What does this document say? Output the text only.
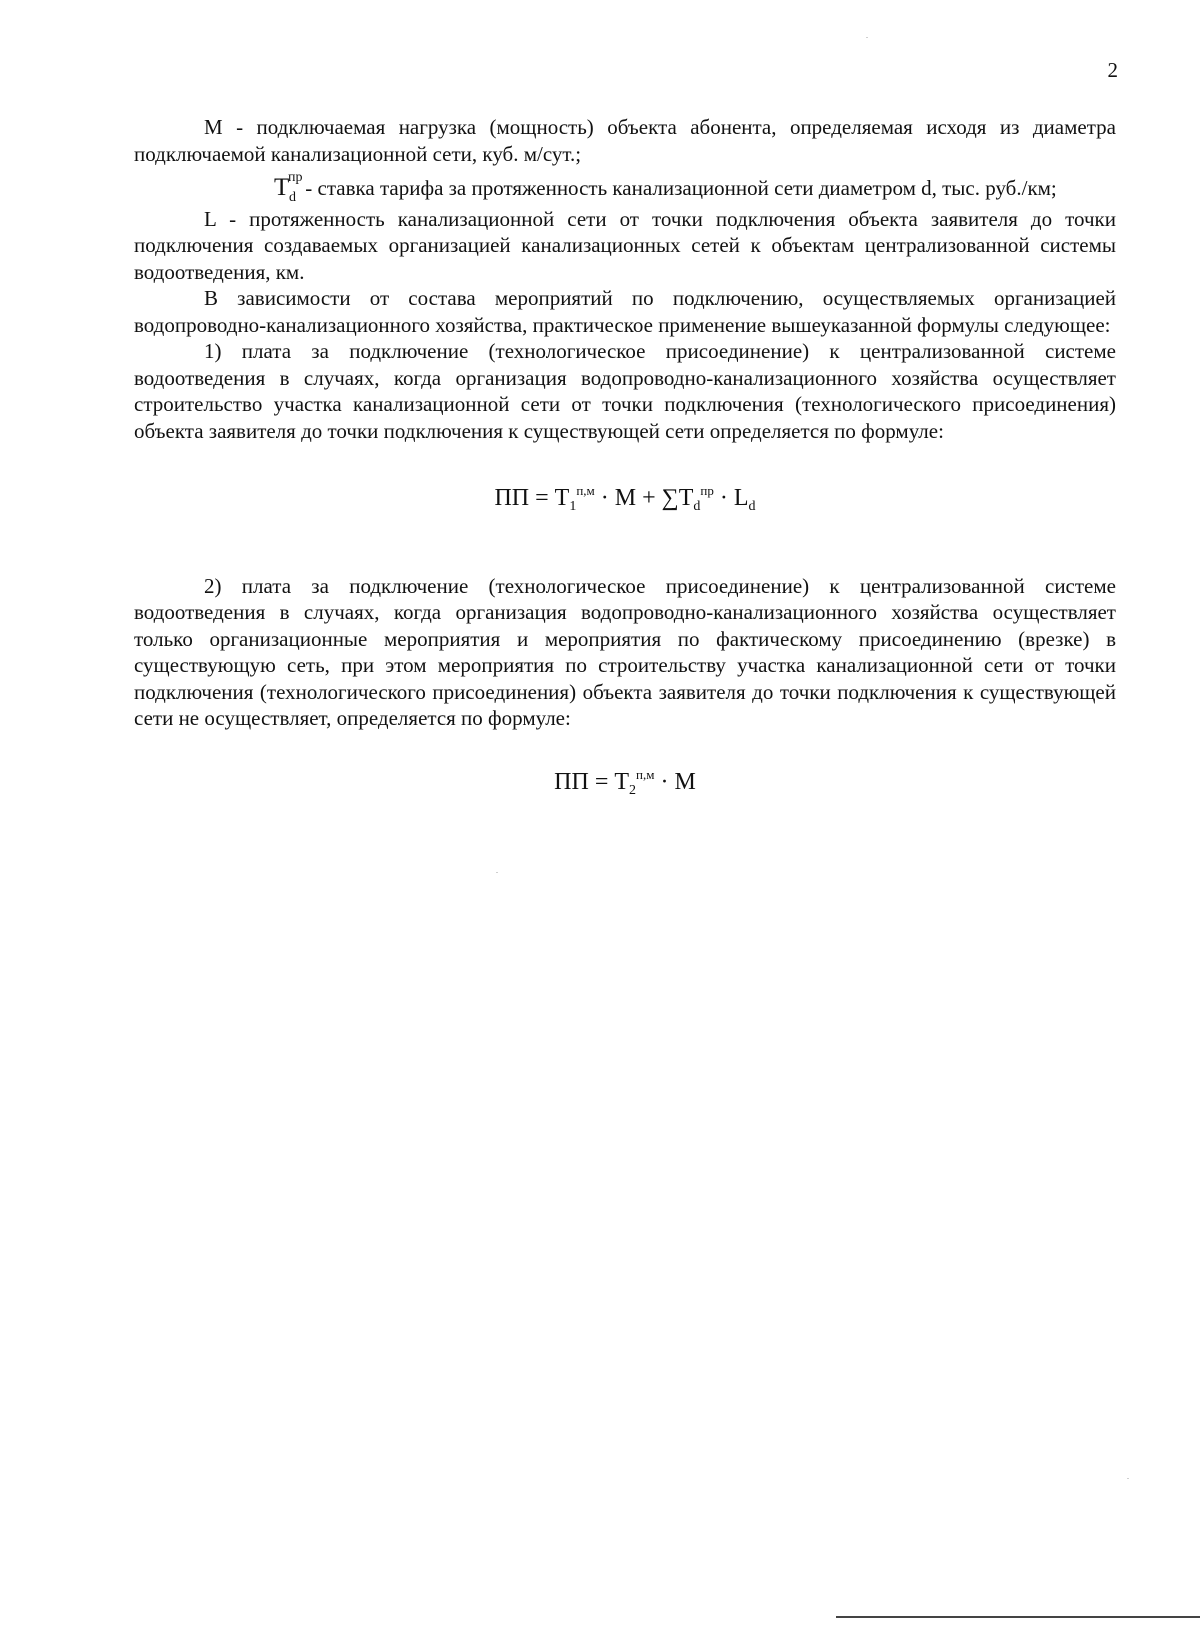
2

М - подключаемая нагрузка (мощность) объекта абонента, определяемая исходя из диаметра подключаемой канализационной сети, куб. м/сут.;

Т
пр
d - ставка тарифа за протяженность канализационной сети диаметром d, тыс. руб./км;

L - протяженность канализационной сети от точки подключения объекта заявителя до точки подключения создаваемых организацией канализационных сетей к объектам централизованной системы водоотведения, км.

В зависимости от состава мероприятий по подключению, осуществляемых организацией водопроводно-канализационного хозяйства, практическое применение вышеуказанной формулы следующее:

1) плата за подключение (технологическое присоединение) к централизованной системе водоотведения в случаях, когда организация водопроводно-канализационного хозяйства осуществляет строительство участка канализационной сети от точки подключения (технологического присоединения) объекта заявителя до точки подключения к существующей сети определяется по формуле:

ПП = $Т_1^{п,м} \cdot М + \sum Т_d^{пр} \cdot L_d$

2) плата за подключение (технологическое присоединение) к централизованной системе водоотведения в случаях, когда организация водопроводно-канализационного хозяйства осуществляет только организационные мероприятия и мероприятия по фактическому присоединению (врезке) в существующую сеть, при этом мероприятия по строительству участка канализационной сети от точки подключения (технологического присоединения) объекта заявителя до точки подключения к существующей сети не осуществляет, определяется по формуле:

ПП = $Т_2^{п,м} \cdot М$
